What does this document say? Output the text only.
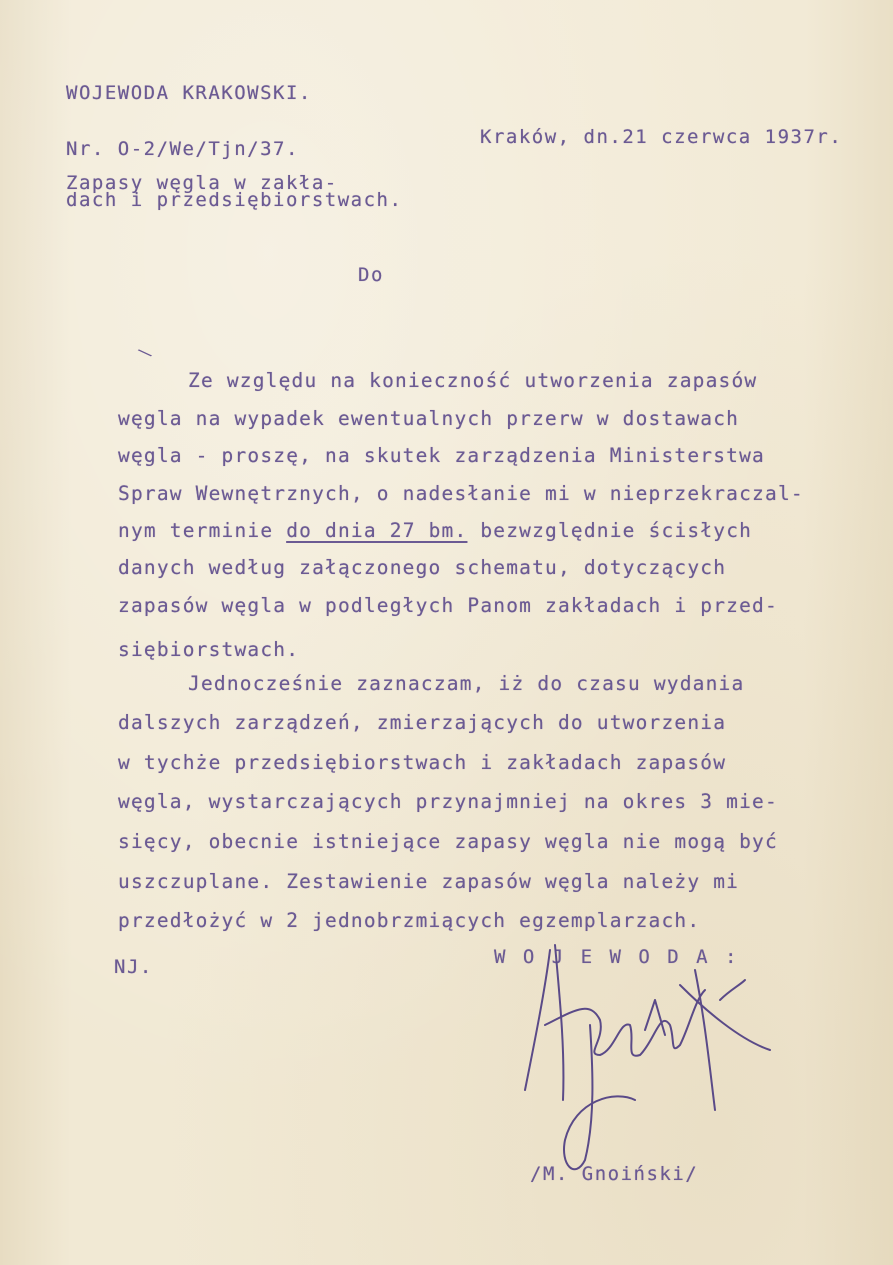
WOJEWODA KRAKOWSKI.
Nr. O-2/We/Tjn/37.
Kraków, dn.21 czerwca 1937r.
Zapasy węgla w zakła-
dach i przedsiębiorstwach.
Do
\
Ze względu na konieczność utworzenia zapasów
węgla na wypadek ewentualnych przerw w dostawach
węgla - proszę, na skutek zarządzenia Ministerstwa
Spraw Wewnętrznych, o nadesłanie mi w nieprzekraczal-
nym terminie do dnia 27 bm. bezwzględnie ścisłych
danych według załączonego schematu, dotyczących
zapasów węgla w podległych Panom zakładach i przed-
siębiorstwach.
Jednocześnie zaznaczam, iż do czasu wydania
dalszych zarządzeń, zmierzających do utworzenia
w tychże przedsiębiorstwach i zakładach zapasów
węgla, wystarczających przynajmniej na okres 3 mie-
sięcy, obecnie istniejące zapasy węgla nie mogą być
uszczuplane. Zestawienie zapasów węgla należy mi
przedłożyć w 2 jednobrzmiących egzemplarzach.
NJ.	W O J E W O D A :
/M. Gnoiński/
